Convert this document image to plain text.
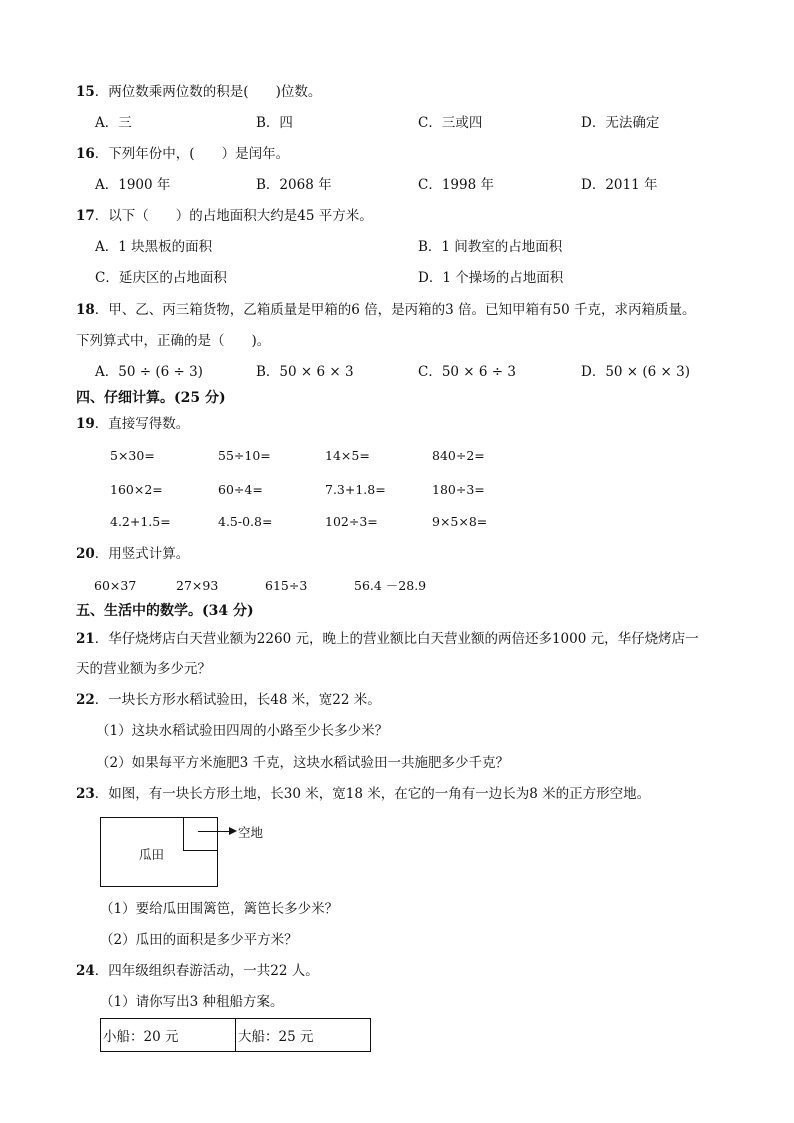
15．两位数乘两位数的积是(　　)位数。
A．三	B．四	C．三或四	D．无法确定
16．下列年份中，(　　）是闰年。
A．1900 年	B．2068 年	C．1998 年	D．2011 年
17．以下（　　）的占地面积大约是45 平方米。
A．1 块黑板的面积	B．1 间教室的占地面积
C．延庆区的占地面积	D．1 个操场的占地面积
18．甲、乙、丙三箱货物，乙箱质量是甲箱的6 倍，是丙箱的3 倍。已知甲箱有50 千克，求丙箱质量。
下列算式中，正确的是（　　)。
A．50 ÷ (6 ÷ 3)	B．50 × 6 × 3	C．50 × 6 ÷ 3	D．50 × (6 × 3)
四、仔细计算。(25 分)
19．直接写得数。
5×30=	55÷10=	14×5=	840÷2=
160×2=	60÷4=	7.3+1.8=	180÷3=
4.2+1.5=	4.5-0.8=	102÷3=	9×5×8=
20．用竖式计算。
60×37	27×93	615÷3	56.4 －28.9
五、生活中的数学。(34 分)
21．华仔烧烤店白天营业额为2260 元，晚上的营业额比白天营业额的两倍还多1000 元，华仔烧烤店一
天的营业额为多少元？
22．一块长方形水稻试验田，长48 米，宽22 米。
（1）这块水稻试验田四周的小路至少长多少米？
（2）如果每平方米施肥3 千克，这块水稻试验田一共施肥多少千克？
23．如图，有一块长方形土地，长30 米，宽18 米，在它的一角有一边长为8 米的正方形空地。
瓜田
空地
（1）要给瓜田围篱笆，篱笆长多少米？
（2）瓜田的面积是多少平方米？
24．四年级组织春游活动，一共22 人。
（1）请你写出3 种租船方案。
小船：20 元	大船：25 元
